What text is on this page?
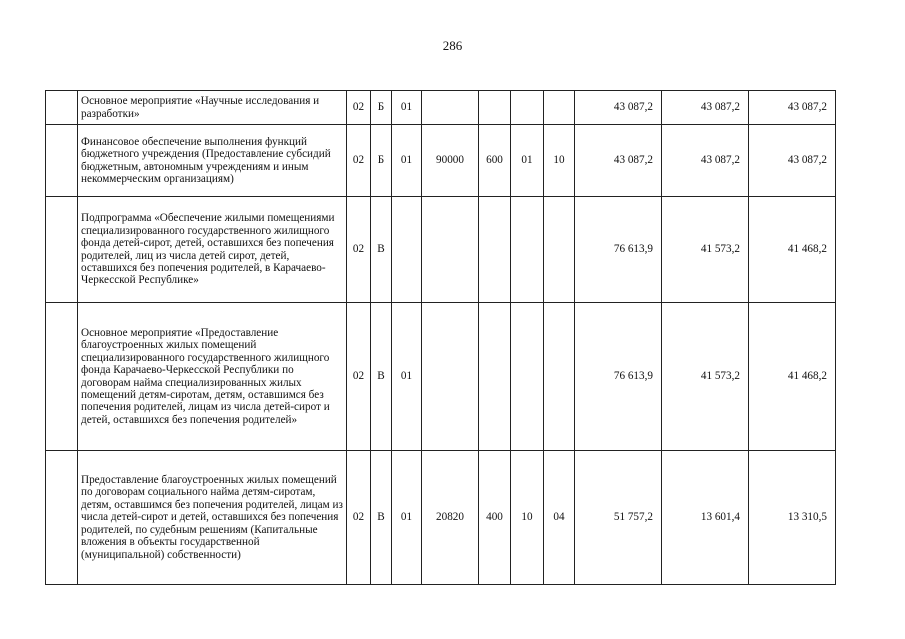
286
	Основное мероприятие «Научные исследования и разработки»	02	Б	01					43 087,2	43 087,2	43 087,2
	Финансовое обеспечение выполнения функций бюджетного учреждения (Предоставление субсидий бюджетным, автономным учреждениям и иным некоммерческим организациям)	02	Б	01	90000	600	01	10	43 087,2	43 087,2	43 087,2
	Подпрограмма «Обеспечение жилыми помещениями специализированного государственного жилищного фонда детей-сирот, детей, оставшихся без попечения родителей, лиц из числа детей сирот, детей, оставшихся без попечения родителей, в Карачаево-Черкесской Республике»	02	В						76 613,9	41 573,2	41 468,2
	Основное мероприятие «Предоставление благоустроенных жилых помещений специализированного государственного жилищного фонда Карачаево-Черкесской Республики по договорам найма специализированных жилых помещений детям-сиротам, детям, оставшимся без попечения родителей, лицам из числа детей-сирот и детей, оставшихся без попечения родителей»	02	В	01					76 613,9	41 573,2	41 468,2
	Предоставление благоустроенных жилых помещений по договорам социального найма детям-сиротам, детям, оставшимся без попечения родителей, лицам из числа детей-сирот и детей, оставшихся без попечения родителей, по судебным решениям (Капитальные вложения в объекты государственной (муниципальной) собственности)	02	В	01	20820	400	10	04	51 757,2	13 601,4	13 310,5
